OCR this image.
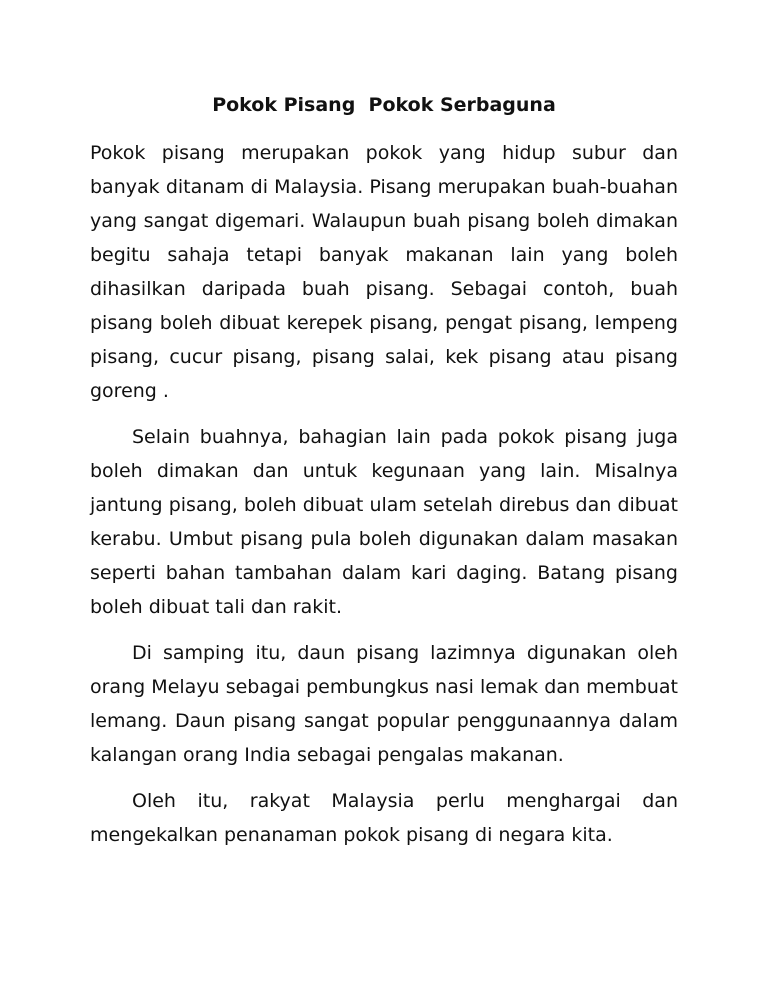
Pokok Pisang  Pokok Serbaguna

Pokok pisang merupakan pokok yang hidup subur dan banyak ditanam di Malaysia. Pisang merupakan buah-buahan yang sangat digemari. Walaupun buah pisang boleh dimakan begitu sahaja tetapi banyak makanan lain yang boleh dihasilkan daripada buah pisang. Sebagai contoh, buah pisang boleh dibuat kerepek pisang, pengat pisang, lempeng pisang, cucur pisang, pisang salai, kek pisang atau pisang goreng .

Selain buahnya, bahagian lain pada pokok pisang juga boleh dimakan dan untuk kegunaan yang lain. Misalnya jantung pisang, boleh dibuat ulam setelah direbus dan dibuat kerabu. Umbut pisang pula boleh digunakan dalam masakan seperti bahan tambahan dalam kari daging. Batang pisang boleh dibuat tali dan rakit.

Di samping itu, daun pisang lazimnya digunakan oleh orang Melayu sebagai pembungkus nasi lemak dan membuat lemang. Daun pisang sangat popular penggunaannya dalam kalangan orang India sebagai pengalas makanan.

Oleh itu, rakyat Malaysia perlu menghargai dan mengekalkan penanaman pokok pisang di negara kita.
